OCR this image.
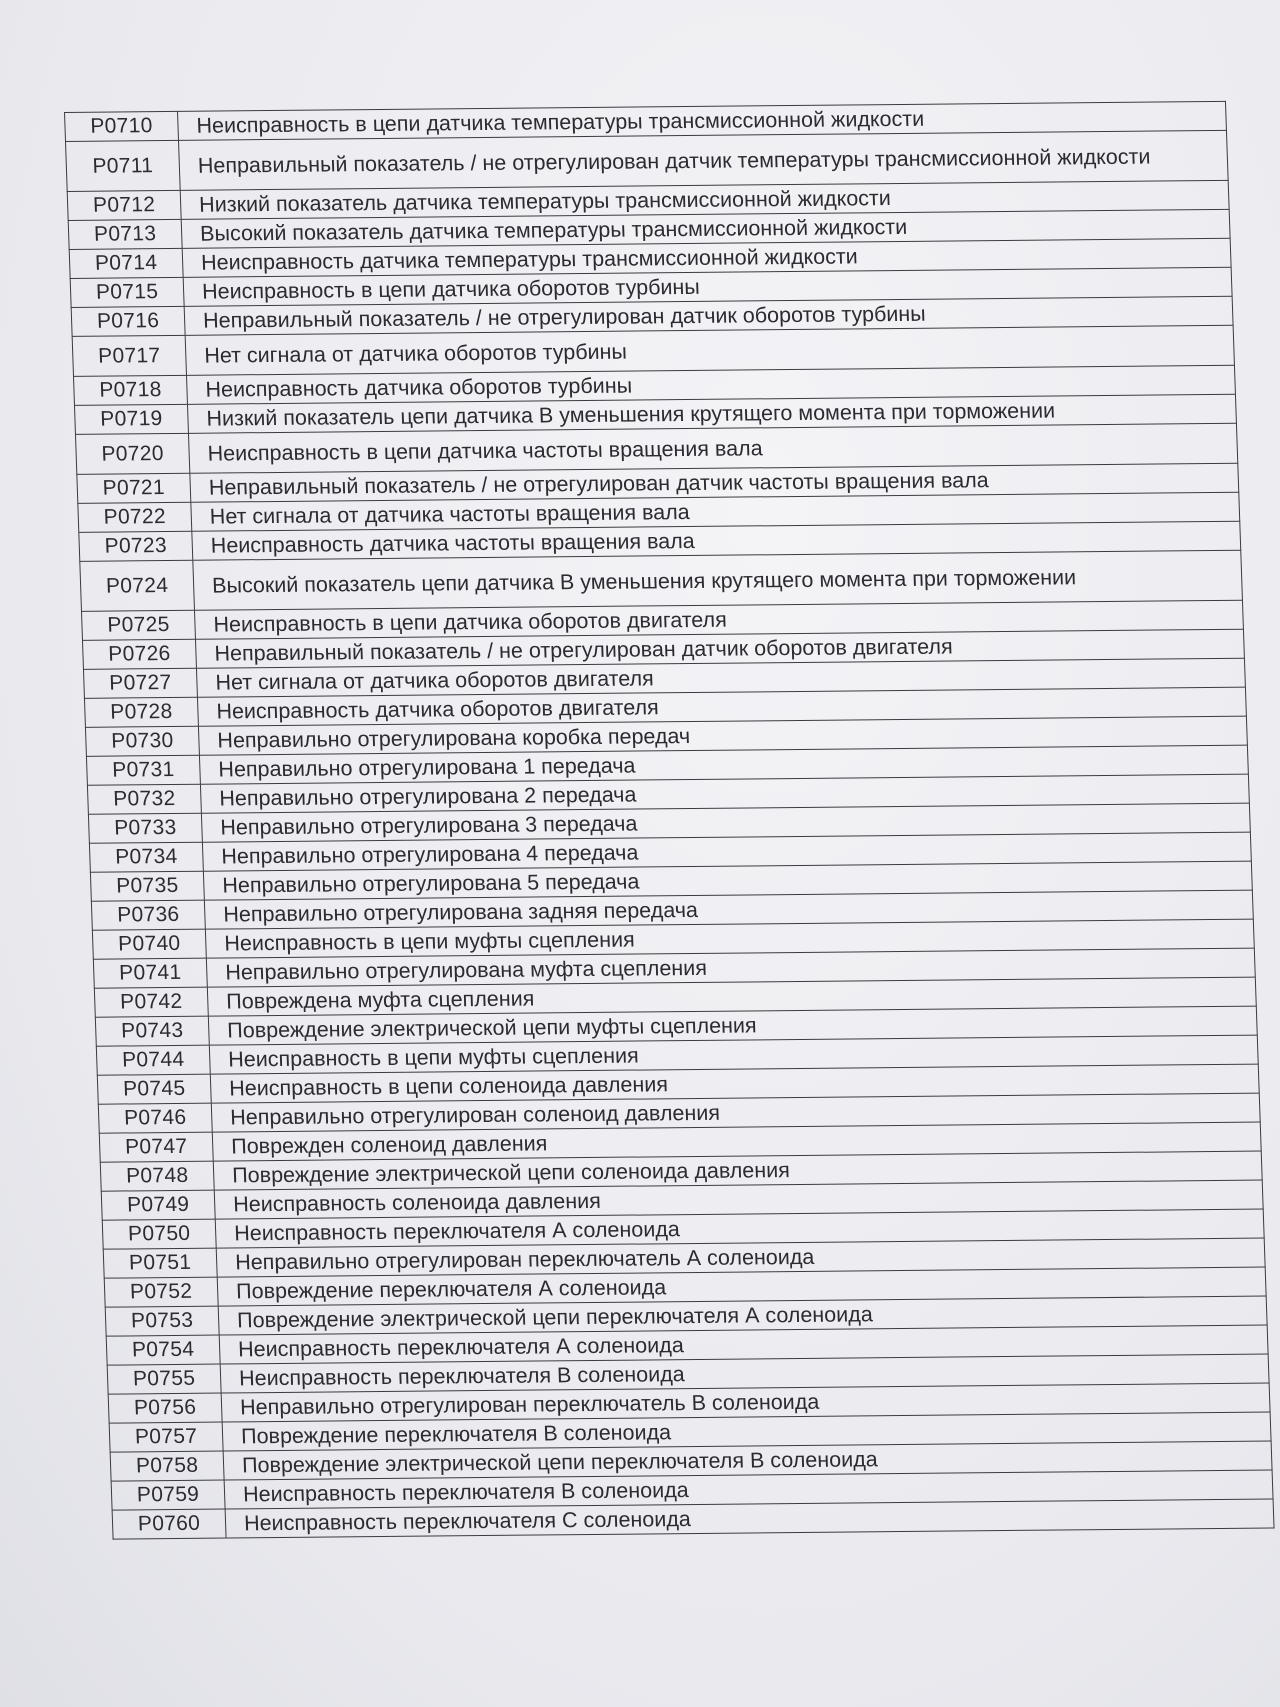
P0710	Неисправность в цепи датчика температуры трансмиссионной жидкости
P0711	Неправильный показатель / не отрегулирован датчик температуры трансмиссионной жидкости
P0712	Низкий показатель датчика температуры трансмиссионной жидкости
P0713	Высокий показатель датчика температуры трансмиссионной жидкости
P0714	Неисправность датчика температуры трансмиссионной жидкости
P0715	Неисправность в цепи датчика оборотов турбины
P0716	Неправильный показатель / не отрегулирован датчик оборотов турбины
P0717	Нет сигнала от датчика оборотов турбины
P0718	Неисправность датчика оборотов турбины
P0719	Низкий показатель цепи датчика В уменьшения крутящего момента при торможении
P0720	Неисправность в цепи датчика частоты вращения вала
P0721	Неправильный показатель / не отрегулирован датчик частоты вращения вала
P0722	Нет сигнала от датчика частоты вращения вала
P0723	Неисправность датчика частоты вращения вала
P0724	Высокий показатель цепи датчика В уменьшения крутящего момента при торможении
P0725	Неисправность в цепи датчика оборотов двигателя
P0726	Неправильный показатель / не отрегулирован датчик оборотов двигателя
P0727	Нет сигнала от датчика оборотов двигателя
P0728	Неисправность датчика оборотов двигателя
P0730	Неправильно отрегулирована коробка передач
P0731	Неправильно отрегулирована 1 передача
P0732	Неправильно отрегулирована 2 передача
P0733	Неправильно отрегулирована 3 передача
P0734	Неправильно отрегулирована 4 передача
P0735	Неправильно отрегулирована 5 передача
P0736	Неправильно отрегулирована задняя передача
P0740	Неисправность в цепи муфты сцепления
P0741	Неправильно отрегулирована муфта сцепления
P0742	Повреждена муфта сцепления
P0743	Повреждение электрической цепи муфты сцепления
P0744	Неисправность в цепи муфты сцепления
P0745	Неисправность в цепи соленоида давления
P0746	Неправильно отрегулирован соленоид давления
P0747	Поврежден соленоид давления
P0748	Повреждение электрической цепи соленоида давления
P0749	Неисправность соленоида давления
P0750	Неисправность переключателя А соленоида
P0751	Неправильно отрегулирован переключатель А соленоида
P0752	Повреждение переключателя А соленоида
P0753	Повреждение электрической цепи переключателя А соленоида
P0754	Неисправность переключателя А соленоида
P0755	Неисправность переключателя В соленоида
P0756	Неправильно отрегулирован переключатель В соленоида
P0757	Повреждение переключателя В соленоида
P0758	Повреждение электрической цепи переключателя В соленоида
P0759	Неисправность переключателя В соленоида
P0760	Неисправность переключателя С соленоида
